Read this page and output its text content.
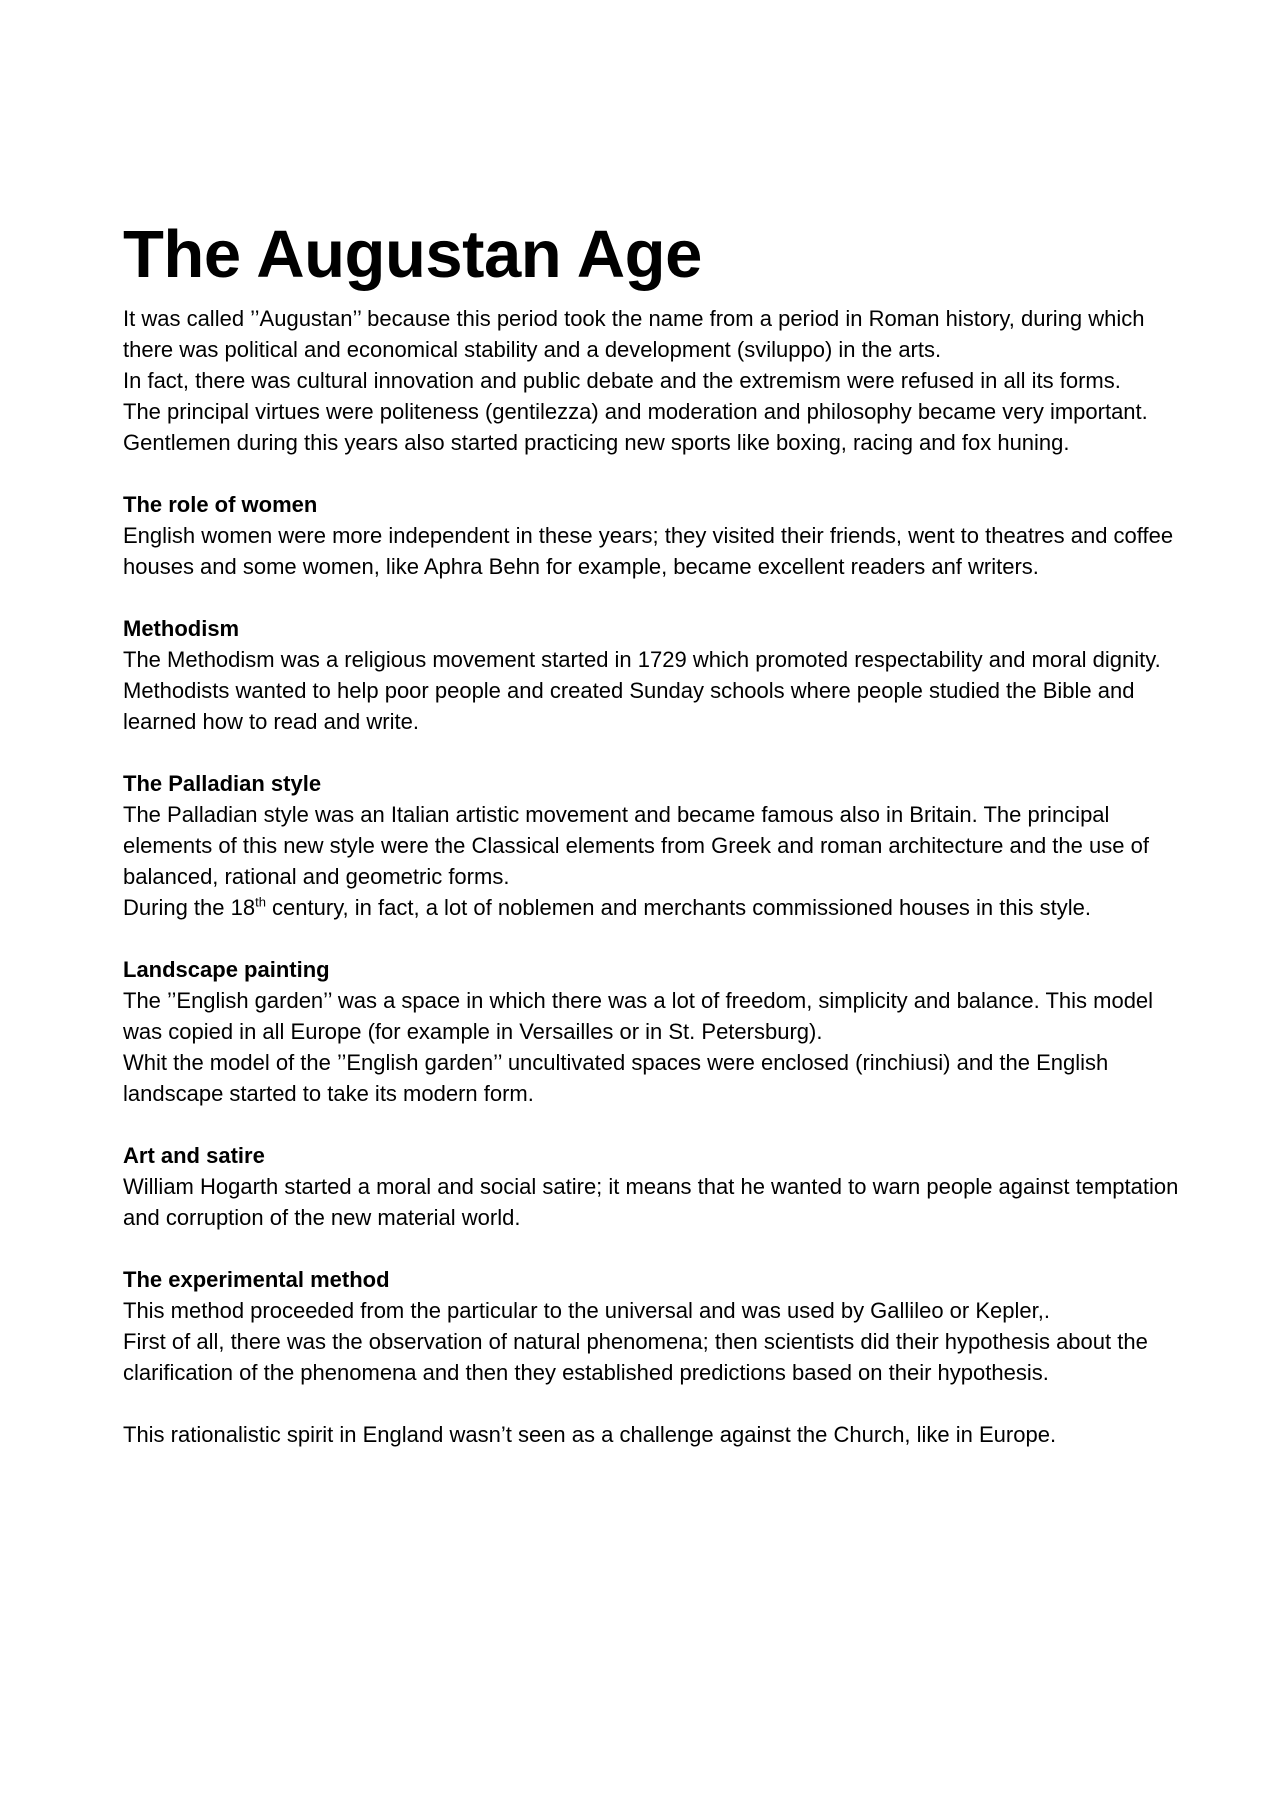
The Augustan Age

It was called ’’Augustan’’ because this period took the name from a period in Roman history, during which there was political and economical stability and a development (sviluppo) in the arts.

In fact, there was cultural innovation and public debate and the extremism were refused in all its forms.

The principal virtues were politeness (gentilezza) and moderation and philosophy became very important.

Gentlemen during this years also started practicing new sports like boxing, racing and fox huning.

The role of women

English women were more independent in these years; they visited their friends, went to theatres and coffee houses and some women, like Aphra Behn for example, became excellent readers anf writers.

Methodism

The Methodism was a religious movement started in 1729 which promoted respectability and moral dignity.

Methodists wanted to help poor people and created Sunday schools where people studied the Bible and learned how to read and write.

The Palladian style

The Palladian style was an Italian artistic movement and became famous also in Britain. The principal elements of this new style were the Classical elements from Greek and roman architecture and the use of balanced, rational and geometric forms.

During the 18th century, in fact, a lot of noblemen and merchants commissioned houses in this style.

Landscape painting

The ’’English garden’’ was a space in which there was a lot of freedom, simplicity and balance. This model was copied in all Europe (for example in Versailles or in St. Petersburg).

Whit the model of the ’’English garden’’ uncultivated spaces were enclosed (rinchiusi) and the English landscape started to take its modern form.

Art and satire

William Hogarth started a moral and social satire; it means that he wanted to warn people against temptation and corruption of the new material world.

The experimental method

This method proceeded from the particular to the universal and was used by Gallileo or Kepler,.

First of all, there was the observation of natural phenomena; then scientists did their hypothesis about the clarification of the phenomena and then they established predictions based on their hypothesis.

This rationalistic spirit in England wasn’t seen as a challenge against the Church, like in Europe.
